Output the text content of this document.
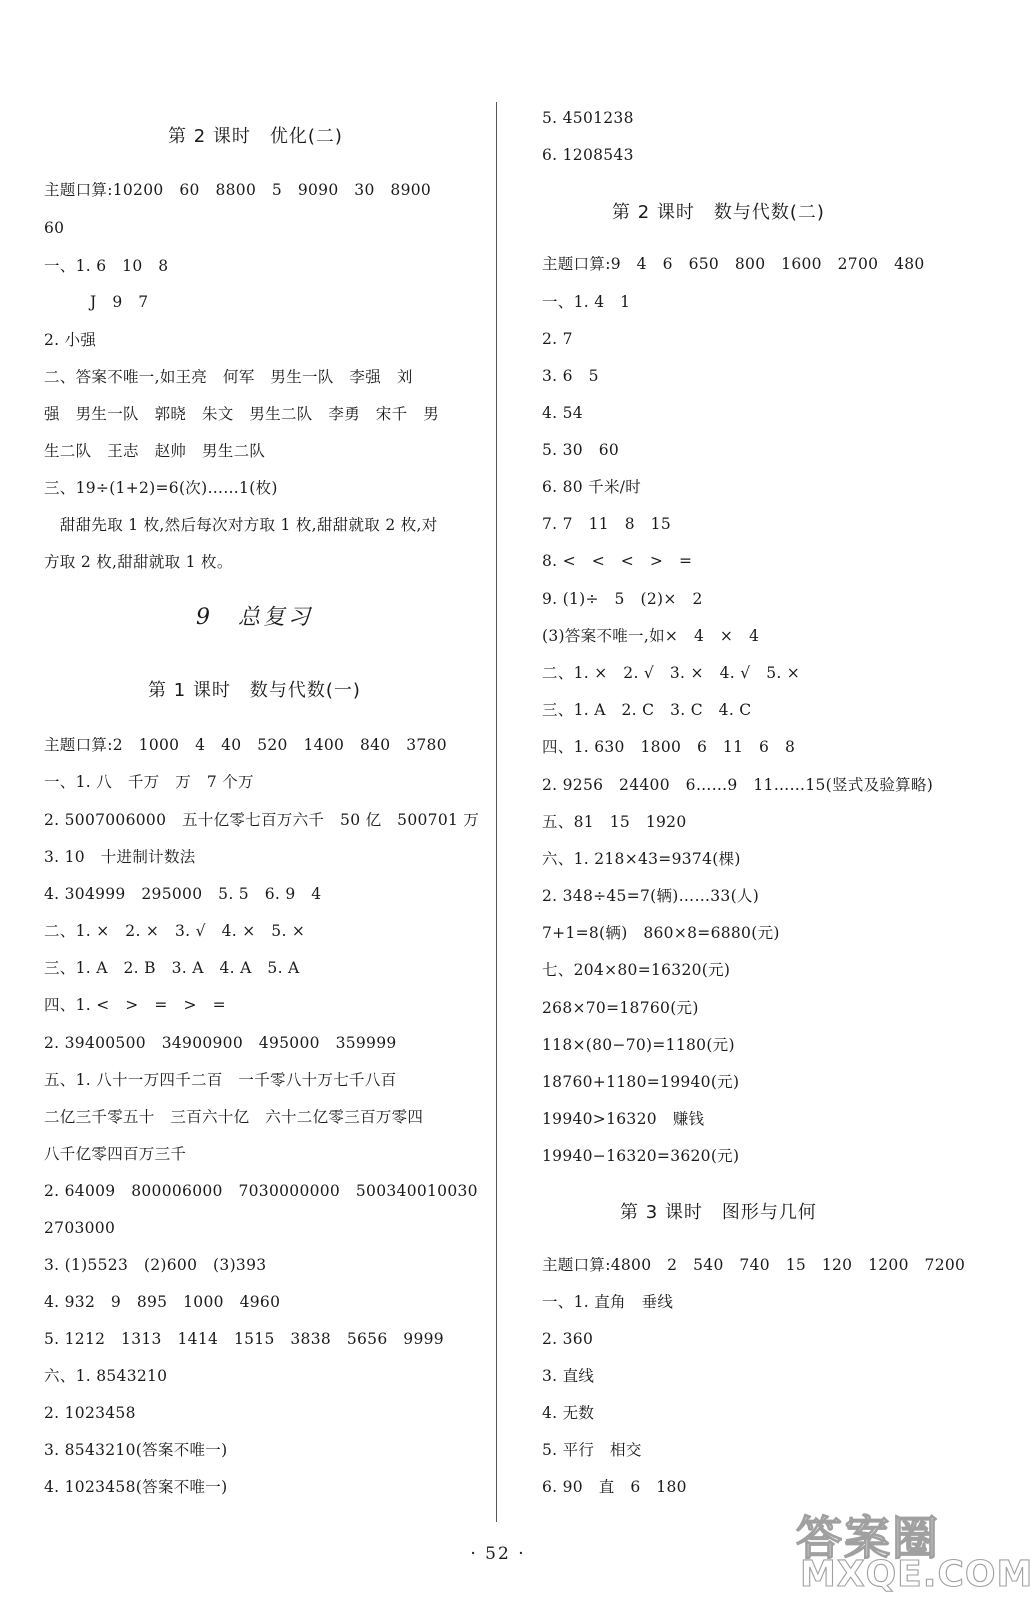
第 2 课时　优化(二)
主题口算:10200　60　8800　5　9090　30　8900
60
一、1. 6　10　8
J　9　7
2. 小强
二、答案不唯一,如王亮　何军　男生一队　李强　刘
强　男生一队　郭晓　朱文　男生二队　李勇　宋千　男
生二队　王志　赵帅　男生二队
三、19÷(1+2)=6(次)……1(枚)
　甜甜先取 1 枚,然后每次对方取 1 枚,甜甜就取 2 枚,对
方取 2 枚,甜甜就取 1 枚。
9　总复习
第 1 课时　数与代数(一)
主题口算:2　1000　4　40　520　1400　840　3780
一、1. 八　千万　万　7 个万
2. 5007006000　五十亿零七百万六千　50 亿　500701 万
3. 10　十进制计数法
4. 304999　295000　5. 5　6. 9　4
二、1. ×　2. ×　3. √　4. ×　5. ×
三、1. A　2. B　3. A　4. A　5. A
四、1. <　>　=　>　=
2. 39400500　34900900　495000　359999
五、1. 八十一万四千二百　一千零八十万七千八百
二亿三千零五十　三百六十亿　六十二亿零三百万零四
八千亿零四百万三千
2. 64009　800006000　7030000000　500340010030
2703000
3. (1)5523　(2)600　(3)393
4. 932　9　895　1000　4960
5. 1212　1313　1414　1515　3838　5656　9999
六、1. 8543210
2. 1023458
3. 8543210(答案不唯一)
4. 1023458(答案不唯一)
5. 4501238
6. 1208543
第 2 课时　数与代数(二)
主题口算:9　4　6　650　800　1600　2700　480
一、1. 4　1
2. 7
3. 6　5
4. 54
5. 30　60
6. 80 千米/时
7. 7　11　8　15
8. <　<　<　>　=
9. (1)÷　5　(2)×　2
(3)答案不唯一,如×　4　×　4
二、1. ×　2. √　3. ×　4. √　5. ×
三、1. A　2. C　3. C　4. C
四、1. 630　1800　6　11　6　8
2. 9256　24400　6……9　11……15(竖式及验算略)
五、81　15　1920
六、1. 218×43=9374(棵)
2. 348÷45=7(辆)……33(人)
7+1=8(辆)　860×8=6880(元)
七、204×80=16320(元)
268×70=18760(元)
118×(80−70)=1180(元)
18760+1180=19940(元)
19940>16320　赚钱
19940−16320=3620(元)
第 3 课时　图形与几何
主题口算:4800　2　540　740　15　120　1200　7200
一、1. 直角　垂线
2. 360
3. 直线
4. 无数
5. 平行　相交
6. 90　直　6　180
· 52 ·	答案圈
MXQE.COM
